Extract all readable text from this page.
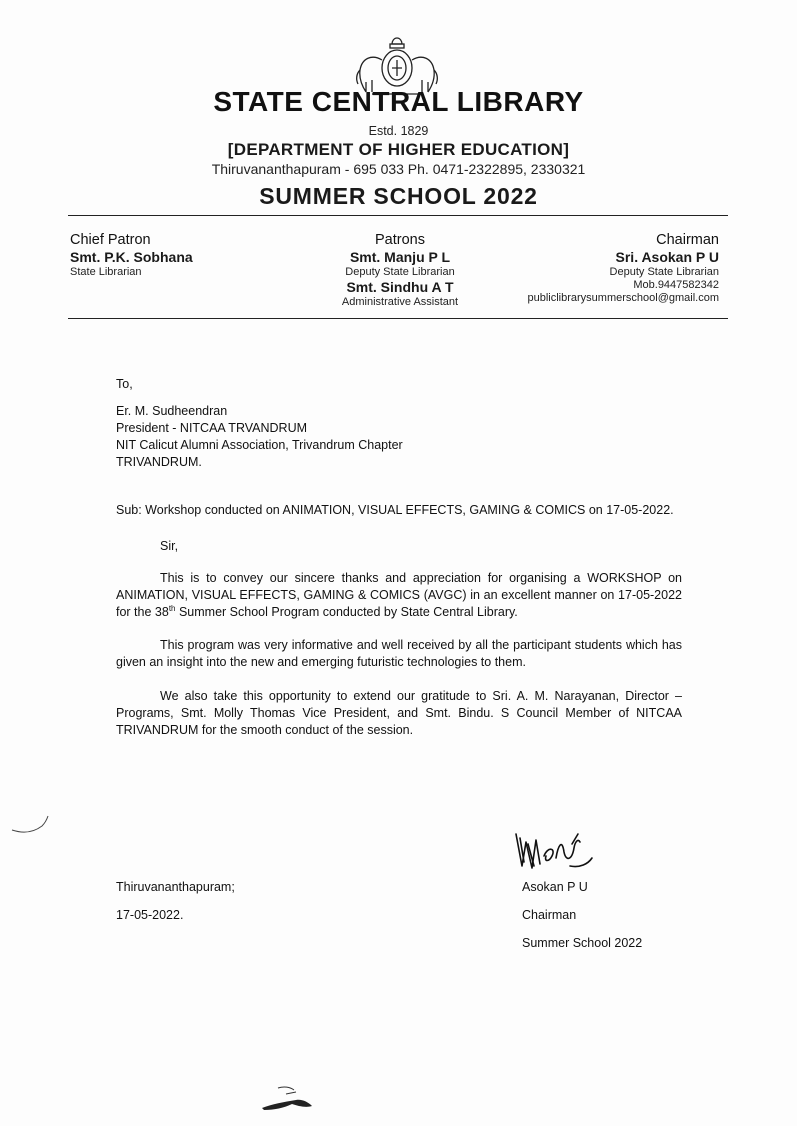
STATE CENTRAL LIBRARY
Estd. 1829
[DEPARTMENT OF HIGHER EDUCATION]
Thiruvananthapuram - 695 033 Ph. 0471-2322895, 2330321
SUMMER SCHOOL 2022
Chief Patron
Smt. P.K. Sobhana
State Librarian
Patrons
Smt. Manju P L
Deputy State Librarian
Smt. Sindhu A T
Administrative Assistant
Chairman
Sri. Asokan P U
Deputy State Librarian
Mob.9447582342
publiclibrarysummerschool@gmail.com
To,
Er. M. Sudheendran
President - NITCAA TRVANDRUM
NIT Calicut Alumni Association, Trivandrum Chapter
TRIVANDRUM.
Sub: Workshop conducted on ANIMATION, VISUAL EFFECTS, GAMING & COMICS on 17-05-2022.
Sir,
This is to convey our sincere thanks and appreciation for organising a WORKSHOP on ANIMATION, VISUAL EFFECTS, GAMING & COMICS (AVGC) in an excellent manner on 17-05-2022 for the 38th Summer School Program conducted by State Central Library.
This program was very informative and well received by all the participant students which has given an insight into the new and emerging futuristic technologies to them.
We also take this opportunity to extend our gratitude to Sri. A. M. Narayanan, Director – Programs, Smt. Molly Thomas Vice President, and Smt. Bindu. S Council Member of NITCAA TRIVANDRUM for the smooth conduct of the session.
Thiruvananthapuram;
17-05-2022.
Asokan P U
Chairman
Summer School 2022
